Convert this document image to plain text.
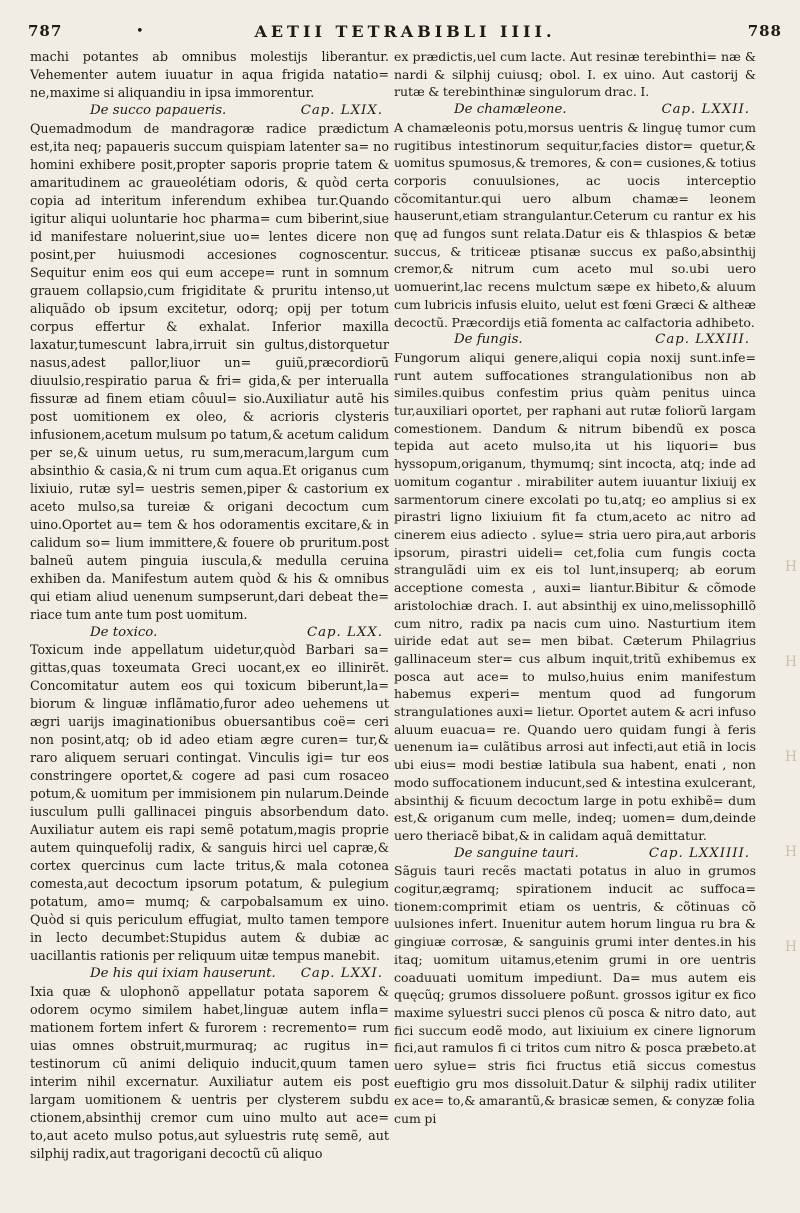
787	•	AETII TETRABIBLI IIII.	788

machi potantes ab omnibus molestijs liberantur. Vehementer autem iuuatur in aqua frigida natatio= ne,maxime si aliquandiu in ipsa immorentur.

De succo papaueris.	Cap. LXIX.

Quemadmodum de mandragoræ radice prædictum est,ita neq; papaueris succum quispiam latenter sa= no homini exhibere posit,propter saporis proprie tatem & amaritudinem ac graueolétiam odoris, & quòd certa copia ad interitum inferendum exhibea tur.Quando igitur aliqui uoluntarie hoc pharma= cum biberint,siue id manifestare noluerint,siue uo= lentes dicere non posint,per huiusmodi accesiones cognoscentur. Sequitur enim eos qui eum accepe= runt in somnum grauem collapsio,cum frigiditate & pruritu intenso,ut aliquãdo ob ipsum excitetur, odorq; opij per totum corpus effertur & exhalat. Inferior maxilla laxatur,tumescunt labra,irruit sin gultus,distorquetur nasus,adest pallor,liuor un= guiũ,præcordiorũ diuulsio,respiratio parua & fri= gida,& per interualla fissuræ ad finem etiam côuul= sio.Auxiliatur autẽ his post uomitionem ex oleo, & acrioris clysteris infusionem,acetum mulsum po tatum,& acetum calidum per se,& uinum uetus, ru sum,meracum,largum cum absinthio & casia,& ni trum cum aqua.Et origanus cum lixiuio, rutæ syl= uestris semen,piper & castorium ex aceto mulso,sa tureiæ & origani decoctum cum uino.Oportet au= tem & hos odoramentis excitare,& in calidum so= lium immittere,& fouere ob pruritum.post balneũ autem pinguia iuscula,& medulla ceruina exhiben da. Manifestum autem quòd & his & omnibus qui etiam aliud uenenum sumpserunt,dari debeat the= riace tum ante tum post uomitum.

De toxico.	Cap. LXX.

Toxicum inde appellatum uidetur,quòd Barbari sa= gittas,quas toxeumata Greci uocant,ex eo illinirẽt. Concomitatur autem eos qui toxicum biberunt,la= biorum & linguæ inflãmatio,furor adeo uehemens ut ægri uarijs imaginationibus obuersantibus coë= ceri non posint,atq; ob id adeo etiam ægre curen= tur,& raro aliquem seruari contingat. Vinculis igi= tur eos constringere oportet,& cogere ad pasi cum rosaceo potum,& uomitum per immisionem pin nularum.Deinde iusculum pulli gallinacei pinguis absorbendum dato. Auxiliatur autem eis rapi semẽ potatum,magis proprie autem quinquefolij radix, & sanguis hirci uel capræ,& cortex quercinus cum lacte tritus,& mala cotonea comesta,aut decoctum ipsorum potatum, & pulegium potatum, amo= mumq; & carpobalsamum ex uino. Quòd si quis periculum effugiat, multo tamen tempore in lecto decumbet:Stupidus autem & dubiæ ac uacillantis rationis per reliquum uitæ tempus manebit.

De his qui ixiam hauserunt. Cap. LXXI.

Ixia quæ & ulophonõ appellatur potata saporem & odorem ocymo similem habet,linguæ autem infla= mationem fortem infert & furorem : recremento= rum uias omnes obstruit,murmuraq; ac rugitus in= testinorum cũ animi deliquio inducit,quum tamen interim nihil excernatur. Auxiliatur autem eis post largam uomitionem & uentris per clysterem subdu ctionem,absinthij cremor cum uino multo aut ace= to,aut aceto mulso potus,aut syluestris rutę semẽ, aut silphij radix,aut tragorigani decoctũ cũ aliquo

ex prædictis,uel cum lacte. Aut resinæ terebinthi= næ & nardi & silphij cuiusq; obol. I. ex uino. Aut castorij & rutæ & terebinthinæ singulorum drac. I.

De chamæleone.	Cap. LXXII.

A chamæleonis potu,morsus uentris & linguę tumor cum rugitibus intestinorum sequitur,facies distor= quetur,& uomitus spumosus,& tremores, & con= cusiones,& totius corporis conuulsiones, ac uocis interceptio cõcomitantur.qui uero album chamæ= leonem hauserunt,etiam strangulantur.Ceterum cu rantur ex his quę ad fungos sunt relata.Datur eis & thlaspios & betæ succus, & triticeæ ptisanæ succus ex paßo,absinthij cremor,& nitrum cum aceto mul so.ubi uero uomuerint,lac recens mulctum sæpe ex hibeto,& aluum cum lubricis infusis eluito, uelut est fœni Græci & altheæ decoctũ. Præcordijs etiã fomenta ac calfactoria adhibeto.

De fungis.	Cap. LXXIII.

Fungorum aliqui genere,aliqui copia noxij sunt.infe= runt autem suffocationes strangulationibus non ab similes.quibus confestim prius quàm penitus uinca tur,auxiliari oportet, per raphani aut rutæ foliorũ largam comestionem. Dandum & nitrum bibendũ ex posca tepida aut aceto mulso,ita ut his liquori= bus hyssopum,origanum, thymumq; sint incocta, atq; inde ad uomitum cogantur . mirabiliter autem iuuantur lixiuij ex sarmentorum cinere excolati po tu,atq; eo amplius si ex pirastri ligno lixiuium fit fa ctum,aceto ac nitro ad cinerem eius adiecto . sylue= stria uero pira,aut arboris ipsorum, pirastri uideli= cet,folia cum fungis cocta strangulãdi uim ex eis tol lunt,insuperq; ab eorum acceptione comesta , auxi= liantur.Bibitur & cõmode aristolochiæ drach. I. aut absinthij ex uino,melissophillõ cum nitro, radix pa nacis cum uino. Nasturtium item uiride edat aut se= men bibat. Cæterum Philagrius gallinaceum ster= cus album inquit,tritũ exhibemus ex posca aut ace= to mulso,huius enim manifestum habemus experi= mentum quod ad fungorum strangulationes auxi= lietur. Oportet autem & acri infuso aluum euacua= re. Quando uero quidam fungi à feris uenenum ia= culãtibus arrosi aut infecti,aut etiã in locis ubi eius= modi bestiæ latibula sua habent, enati , non modo suffocationem inducunt,sed & intestina exulcerant, absinthij & ficuum decoctum large in potu exhibẽ= dum est,& origanum cum melle, indeq; uomen= dum,deinde uero theriacẽ bibat,& in calidam aquã demittatur.

De sanguine tauri.	Cap. LXXIIII.

Sãguis tauri recẽs mactati potatus in aluo in grumos cogitur,ægramq; spirationem inducit ac suffoca= tionem:comprimit etiam os uentris, & cõtinuas cõ uulsiones infert. Inuenitur autem horum lingua ru bra & gingiuæ corrosæ, & sanguinis grumi inter dentes.in his itaq; uomitum uitamus,etenim grumi in ore uentris coaduuati uomitum impediunt. Da= mus autem eis quęcũq; grumos dissoluere poßunt. grossos igitur ex fico maxime syluestri succi plenos cũ posca & nitro dato, aut fici succum eodẽ modo, aut lixiuium ex cinere lignorum fici,aut ramulos fi ci tritos cum nitro & posca præbeto.at uero sylue= stris fici fructus etiã siccus comestus eueftigio gru mos dissoluit.Datur & silphij radix utiliter ex ace= to,& amarantũ,& brasicæ semen, & conyzæ folia

cum pi

H
H
H
H
H
